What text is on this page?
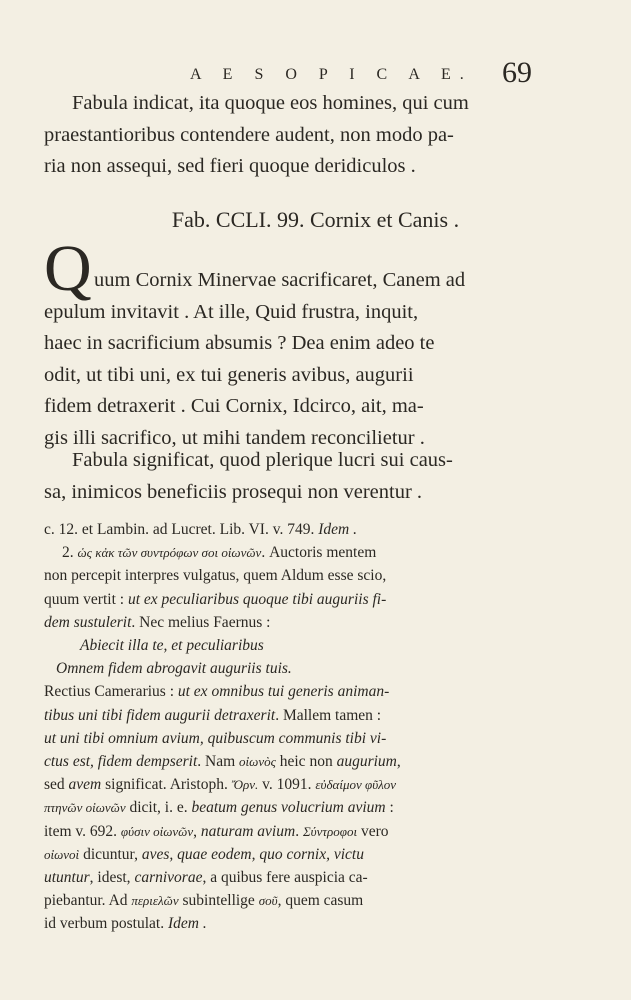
A E S O P I C A E. 69
Fabula indicat, ita quoque eos homines, qui cum
praestantioribus contendere audent, non modo pa-
ria non assequi, sed fieri quoque deridiculos .
Fab. CCLI. 99. Cornix et Canis .
Q uum Cornix Minervae sacrificaret, Canem ad
epulum invitavit . At ille, Quid frustra, inquit,
haec in sacrificium absumis ? Dea enim adeo te
odit, ut tibi uni, ex tui generis avibus, augurii
fidem detraxerit . Cui Cornix, Idcirco, ait, ma-
gis illi sacrifico, ut mihi tandem reconcilietur .
Fabula significat, quod plerique lucri sui caus-
sa, inimicos beneficiis prosequi non verentur .
c. 12. et Lambin. ad Lucret. Lib. VI. v. 749. Idem .
2. ὡς κἀκ τῶν συντρόφων σοι οἰωνῶν. Auctoris mentem
non percepit interpres vulgatus, quem Aldum esse scio,
quum vertit : ut ex peculiaribus quoque tibi auguriis fi-
dem sustulerit. Nec melius Faernus :
Abiecit illa te, et peculiaribus
Omnem fidem abrogavit auguriis tuis.
Rectius Camerarius : ut ex omnibus tui generis animan-
tibus uni tibi fidem augurii detraxerit. Mallem tamen :
ut uni tibi omnium avium, quibuscum communis tibi vi-
ctus est, fidem dempserit. Nam οἰωνὸς heic non augurium,
sed avem significat. Aristoph. Ὄρν. v. 1091. εὐδαίμον φῦλον
πτηνῶν οἰωνῶν dicit, i. e. beatum genus volucrium avium :
item v. 692. φύσιν οἰωνῶν, naturam avium. Σύντροφοι vero
οἰωνοὶ dicuntur, aves, quae eodem, quo cornix, victu
utuntur, idest, carnivorae, a quibus fere auspicia ca-
piebantur. Ad περιελῶν subintellige σοῦ, quem casum
id verbum postulat. Idem .
